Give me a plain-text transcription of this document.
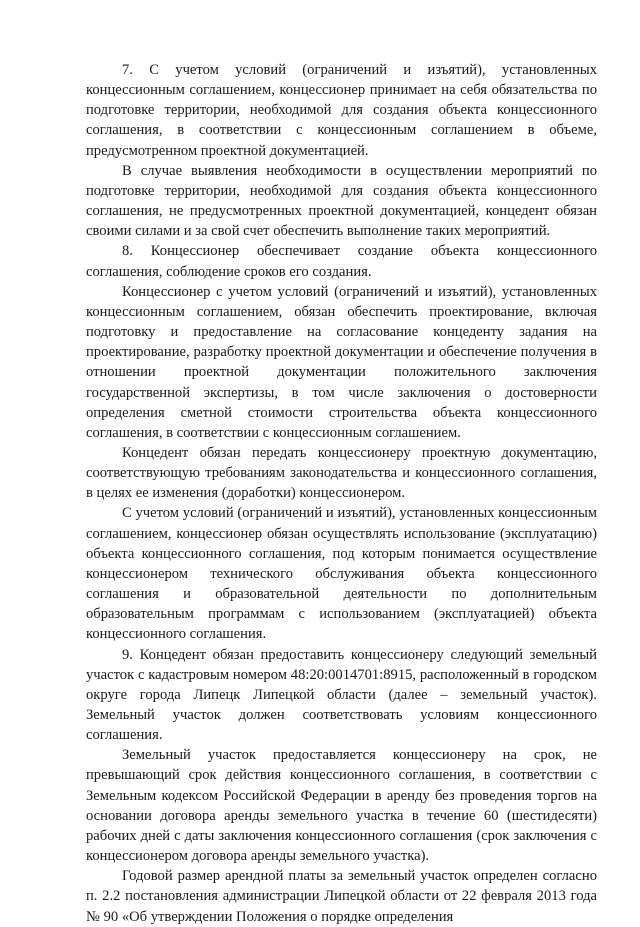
7. С учетом условий (ограничений и изъятий), установленных концессионным соглашением, концессионер принимает на себя обязательства по подготовке территории, необходимой для создания объекта концессионного соглашения, в соответствии с концессионным соглашением в объеме, предусмотренном проектной документацией.

В случае выявления необходимости в осуществлении мероприятий по подготовке территории, необходимой для создания объекта концессионного соглашения, не предусмотренных проектной документацией, концедент обязан своими силами и за свой счет обеспечить выполнение таких мероприятий.

8. Концессионер обеспечивает создание объекта концессионного соглашения, соблюдение сроков его создания.

Концессионер с учетом условий (ограничений и изъятий), установленных концессионным соглашением, обязан обеспечить проектирование, включая подготовку и предоставление на согласование концеденту задания на проектирование, разработку проектной документации и обеспечение получения в отношении проектной документации положительного заключения государственной экспертизы, в том числе заключения о достоверности определения сметной стоимости строительства объекта концессионного соглашения, в соответствии с концессионным соглашением.

Концедент обязан передать концессионеру проектную документацию, соответствующую требованиям законодательства и концессионного соглашения, в целях ее изменения (доработки) концессионером.

С учетом условий (ограничений и изъятий), установленных концессионным соглашением, концессионер обязан осуществлять использование (эксплуатацию) объекта концессионного соглашения, под которым понимается осуществление концессионером технического обслуживания объекта концессионного соглашения и образовательной деятельности по дополнительным образовательным программам с использованием (эксплуатацией) объекта концессионного соглашения.

9. Концедент обязан предоставить концессионеру следующий земельный участок с кадастровым номером 48:20:0014701:8915, расположенный в городском округе города Липецк Липецкой области (далее – земельный участок). Земельный участок должен соответствовать условиям концессионного соглашения.

Земельный участок предоставляется концессионеру на срок, не превышающий срок действия концессионного соглашения, в соответствии с Земельным кодексом Российской Федерации в аренду без проведения торгов на основании договора аренды земельного участка в течение 60 (шестидесяти) рабочих дней с даты заключения концессионного соглашения (срок заключения с концессионером договора аренды земельного участка).

Годовой размер арендной платы за земельный участок определен согласно п. 2.2 постановления администрации Липецкой области от 22 февраля 2013 года № 90 «Об утверждении Положения о порядке определения
